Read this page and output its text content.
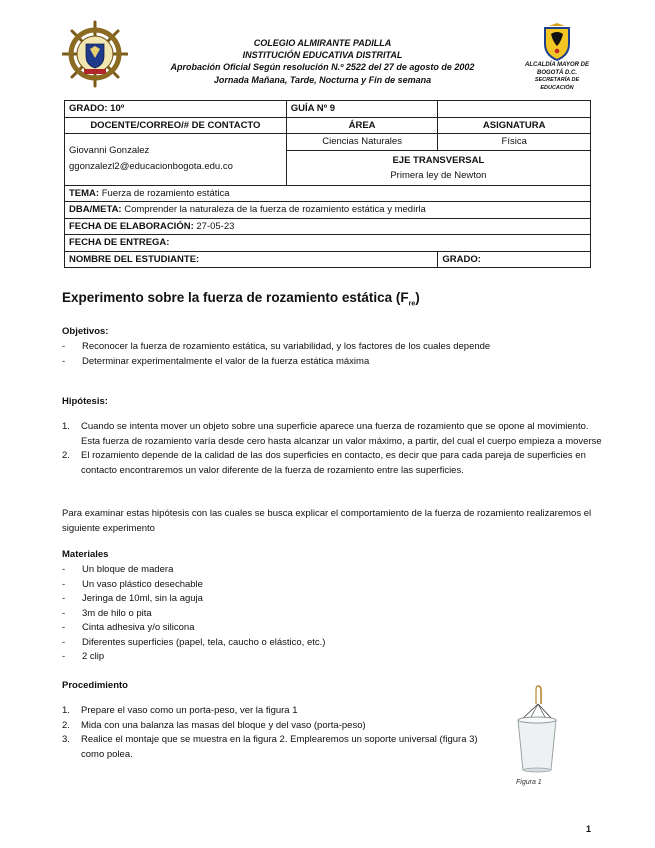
COLEGIO ALMIRANTE PADILLA
INSTITUCIÓN EDUCATIVA DISTRITAL
Aprobación Oficial Según resolución N.º 2522 del 27 de agosto de 2002
Jornada Mañana, Tarde, Nocturna y Fin de semana
ALCALDÍA MAYOR DE
BOGOTÁ D.C.
SECRETARÍA DE
EDUCACIÓN
GRADO: 10º	GUÍA Nº 9	
DOCENTE/CORREO/# DE CONTACTO	ÁREA	ASIGNATURA

Giovanni Gonzalez
ggonzalezl2@educacionbogota.edu.co	Ciencias Naturales	Física

	EJE TRANSVERSAL
Primera ley de Newton	

TEMA: Fuerza de rozamiento estática		
DBA/META: Comprender la naturaleza de la fuerza de rozamiento estática y medirla		
FECHA DE ELABORACIÓN: 27-05-23		
FECHA DE ENTREGA:		
NOMBRE DEL ESTUDIANTE:		GRADO:
Experimento sobre la fuerza de rozamiento estática $(F_{re})$
Objetivos:
- Reconocer la fuerza de rozamiento estática, su variabilidad, y los factores de los cuales depende
- Determinar experimentalmente el valor de la fuerza estática máxima
Hipótesis:
1. Cuando se intenta mover un objeto sobre una superficie aparece una fuerza de rozamiento que se opone al movimiento. Esta fuerza de rozamiento varía desde cero hasta alcanzar un valor máximo, a partir, del cual el cuerpo empieza a moverse
2. El rozamiento depende de la calidad de las dos superficies en contacto, es decir que para cada pareja de superficies en contacto encontraremos un valor diferente de la fuerza de rozamiento entre las superficies.
Para examinar estas hipótesis con las cuales se busca explicar el comportamiento de la fuerza de rozamiento realizaremos el siguiente experimento
Materiales
- Un bloque de madera
- Un vaso plástico desechable
- Jeringa de 10ml, sin la aguja
- 3m de hilo o pita
- Cinta adhesiva y/o silicona
- Diferentes superficies (papel, tela, caucho o elástico, etc.)
- 2 clip
Procedimiento
1. Prepare el vaso como un porta-peso, ver la figura 1
2. Mida con una balanza las masas del bloque y del vaso (porta-peso)
3. Realice el montaje que se muestra en la figura 2. Emplearemos un soporte universal (figura 3) como polea.
Figura 1
1
